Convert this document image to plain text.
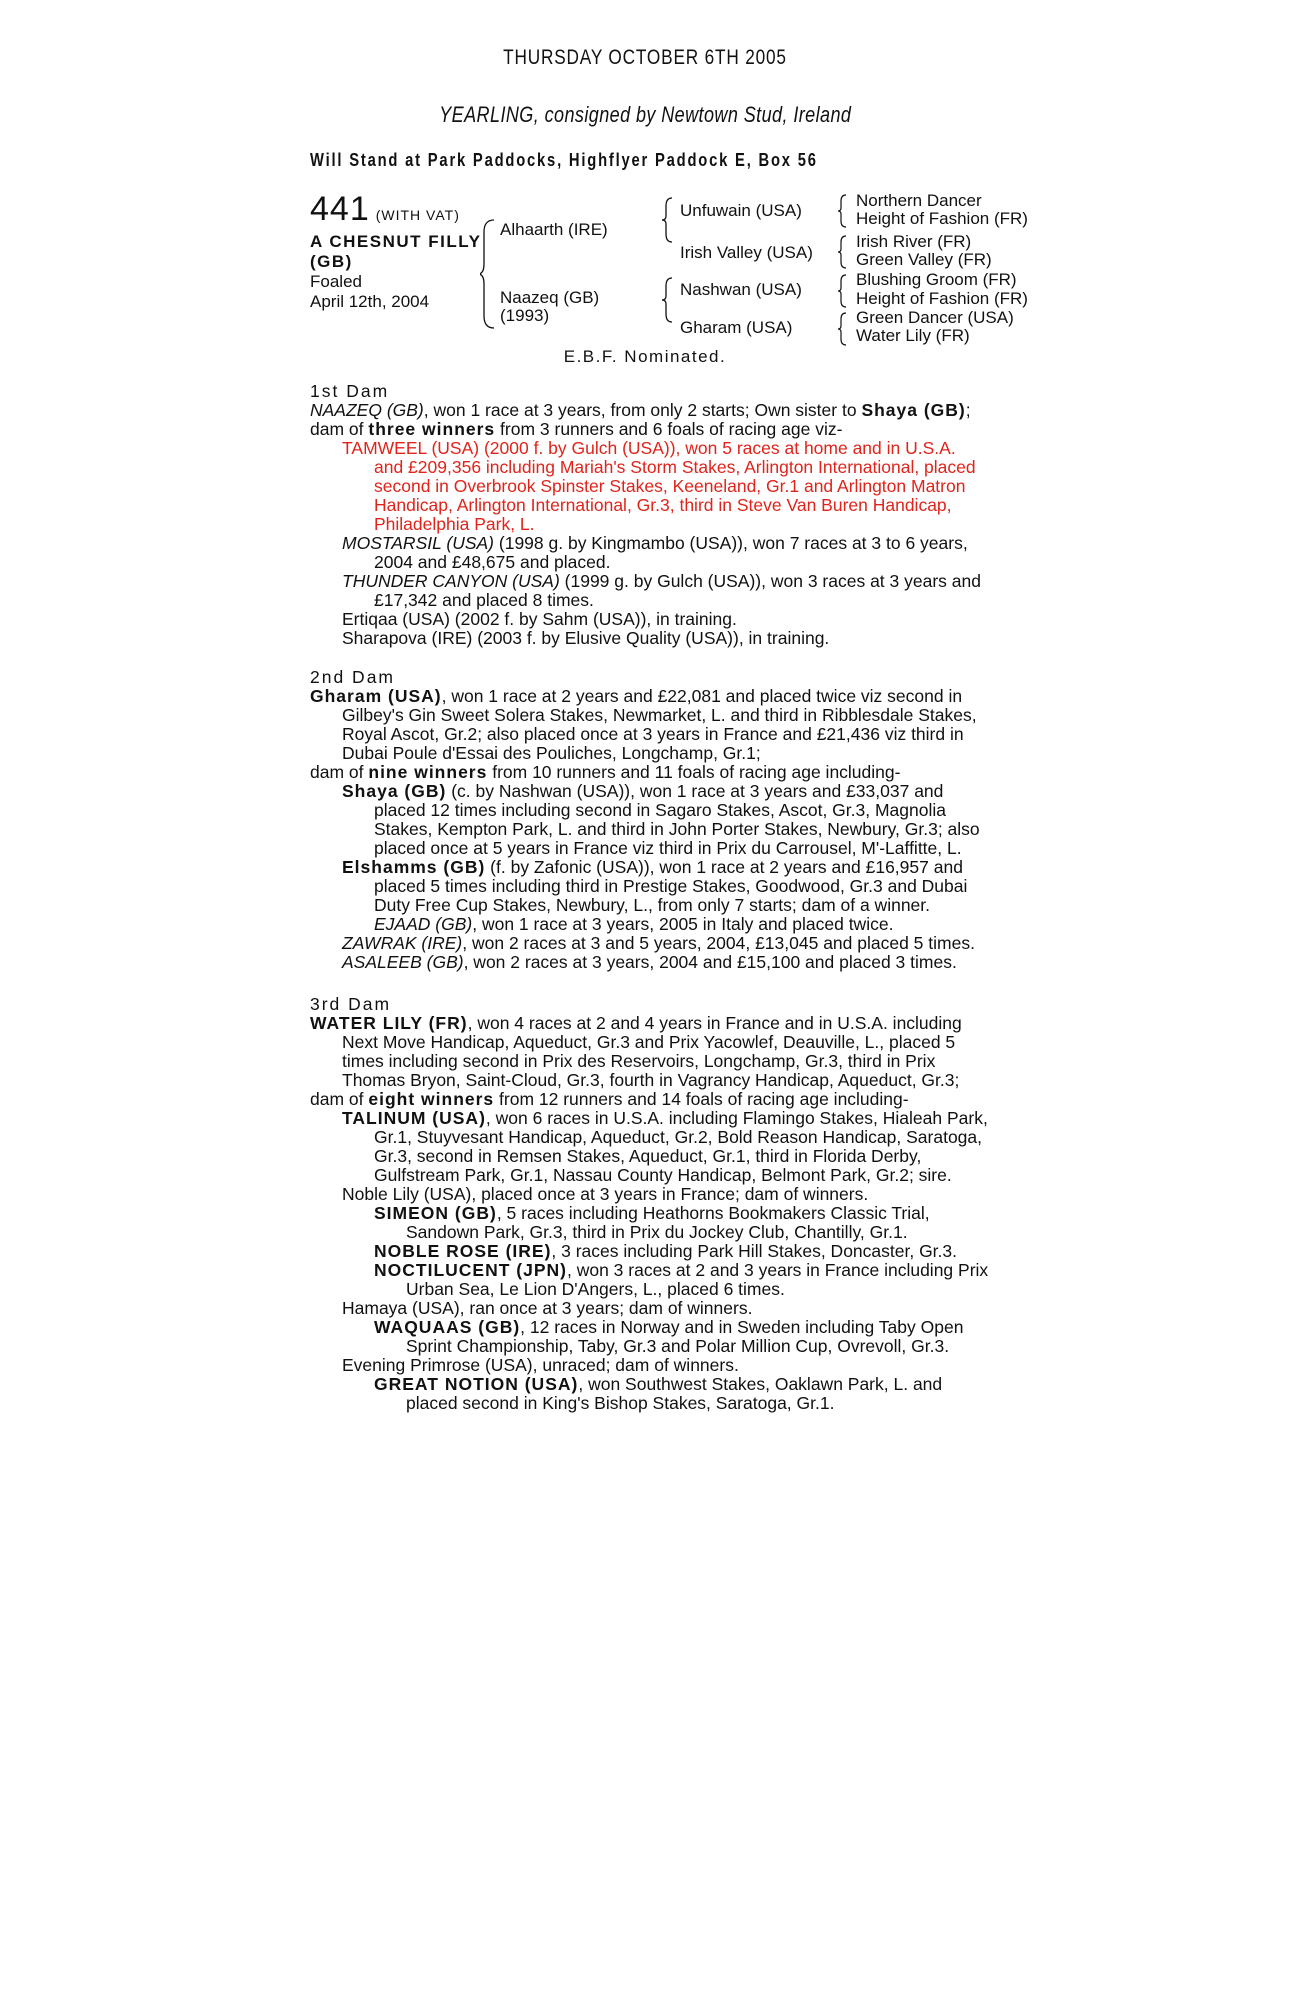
THURSDAY OCTOBER 6TH 2005
YEARLING, consigned by Newtown Stud, Ireland
Will Stand at Park Paddocks, Highflyer Paddock E, Box 56
441 (WITH VAT)
A CHESNUT FILLY
(GB)
Foaled
April 12th, 2004
Alhaarth (IRE)
Naazeq (GB)
(1993)
Unfuwain (USA)
Irish Valley (USA)
Nashwan (USA)
Gharam (USA)
Northern Dancer
Height of Fashion (FR)
Irish River (FR)
Green Valley (FR)
Blushing Groom (FR)
Height of Fashion (FR)
Green Dancer (USA)
Water Lily (FR)
E.B.F. Nominated.
1st Dam
NAAZEQ (GB), won 1 race at 3 years, from only 2 starts; Own sister to Shaya (GB);
dam of three winners from 3 runners and 6 foals of racing age viz-
TAMWEEL (USA) (2000 f. by Gulch (USA)), won 5 races at home and in U.S.A.
and £209,356 including Mariah's Storm Stakes, Arlington International, placed
second in Overbrook Spinster Stakes, Keeneland, Gr.1 and Arlington Matron
Handicap, Arlington International, Gr.3, third in Steve Van Buren Handicap,
Philadelphia Park, L.
MOSTARSIL (USA) (1998 g. by Kingmambo (USA)), won 7 races at 3 to 6 years,
2004 and £48,675 and placed.
THUNDER CANYON (USA) (1999 g. by Gulch (USA)), won 3 races at 3 years and
£17,342 and placed 8 times.
Ertiqaa (USA) (2002 f. by Sahm (USA)), in training.
Sharapova (IRE) (2003 f. by Elusive Quality (USA)), in training.
2nd Dam
Gharam (USA), won 1 race at 2 years and £22,081 and placed twice viz second in
Gilbey's Gin Sweet Solera Stakes, Newmarket, L. and third in Ribblesdale Stakes,
Royal Ascot, Gr.2; also placed once at 3 years in France and £21,436 viz third in
Dubai Poule d'Essai des Pouliches, Longchamp, Gr.1;
dam of nine winners from 10 runners and 11 foals of racing age including-
Shaya (GB) (c. by Nashwan (USA)), won 1 race at 3 years and £33,037 and
placed 12 times including second in Sagaro Stakes, Ascot, Gr.3, Magnolia
Stakes, Kempton Park, L. and third in John Porter Stakes, Newbury, Gr.3; also
placed once at 5 years in France viz third in Prix du Carrousel, M'-Laffitte, L.
Elshamms (GB) (f. by Zafonic (USA)), won 1 race at 2 years and £16,957 and
placed 5 times including third in Prestige Stakes, Goodwood, Gr.3 and Dubai
Duty Free Cup Stakes, Newbury, L., from only 7 starts; dam of a winner.
EJAAD (GB), won 1 race at 3 years, 2005 in Italy and placed twice.
ZAWRAK (IRE), won 2 races at 3 and 5 years, 2004, £13,045 and placed 5 times.
ASALEEB (GB), won 2 races at 3 years, 2004 and £15,100 and placed 3 times.
3rd Dam
WATER LILY (FR), won 4 races at 2 and 4 years in France and in U.S.A. including
Next Move Handicap, Aqueduct, Gr.3 and Prix Yacowlef, Deauville, L., placed 5
times including second in Prix des Reservoirs, Longchamp, Gr.3, third in Prix
Thomas Bryon, Saint-Cloud, Gr.3, fourth in Vagrancy Handicap, Aqueduct, Gr.3;
dam of eight winners from 12 runners and 14 foals of racing age including-
TALINUM (USA), won 6 races in U.S.A. including Flamingo Stakes, Hialeah Park,
Gr.1, Stuyvesant Handicap, Aqueduct, Gr.2, Bold Reason Handicap, Saratoga,
Gr.3, second in Remsen Stakes, Aqueduct, Gr.1, third in Florida Derby,
Gulfstream Park, Gr.1, Nassau County Handicap, Belmont Park, Gr.2; sire.
Noble Lily (USA), placed once at 3 years in France; dam of winners.
SIMEON (GB), 5 races including Heathorns Bookmakers Classic Trial,
Sandown Park, Gr.3, third in Prix du Jockey Club, Chantilly, Gr.1.
NOBLE ROSE (IRE), 3 races including Park Hill Stakes, Doncaster, Gr.3.
NOCTILUCENT (JPN), won 3 races at 2 and 3 years in France including Prix
Urban Sea, Le Lion D'Angers, L., placed 6 times.
Hamaya (USA), ran once at 3 years; dam of winners.
WAQUAAS (GB), 12 races in Norway and in Sweden including Taby Open
Sprint Championship, Taby, Gr.3 and Polar Million Cup, Ovrevoll, Gr.3.
Evening Primrose (USA), unraced; dam of winners.
GREAT NOTION (USA), won Southwest Stakes, Oaklawn Park, L. and
placed second in King's Bishop Stakes, Saratoga, Gr.1.
